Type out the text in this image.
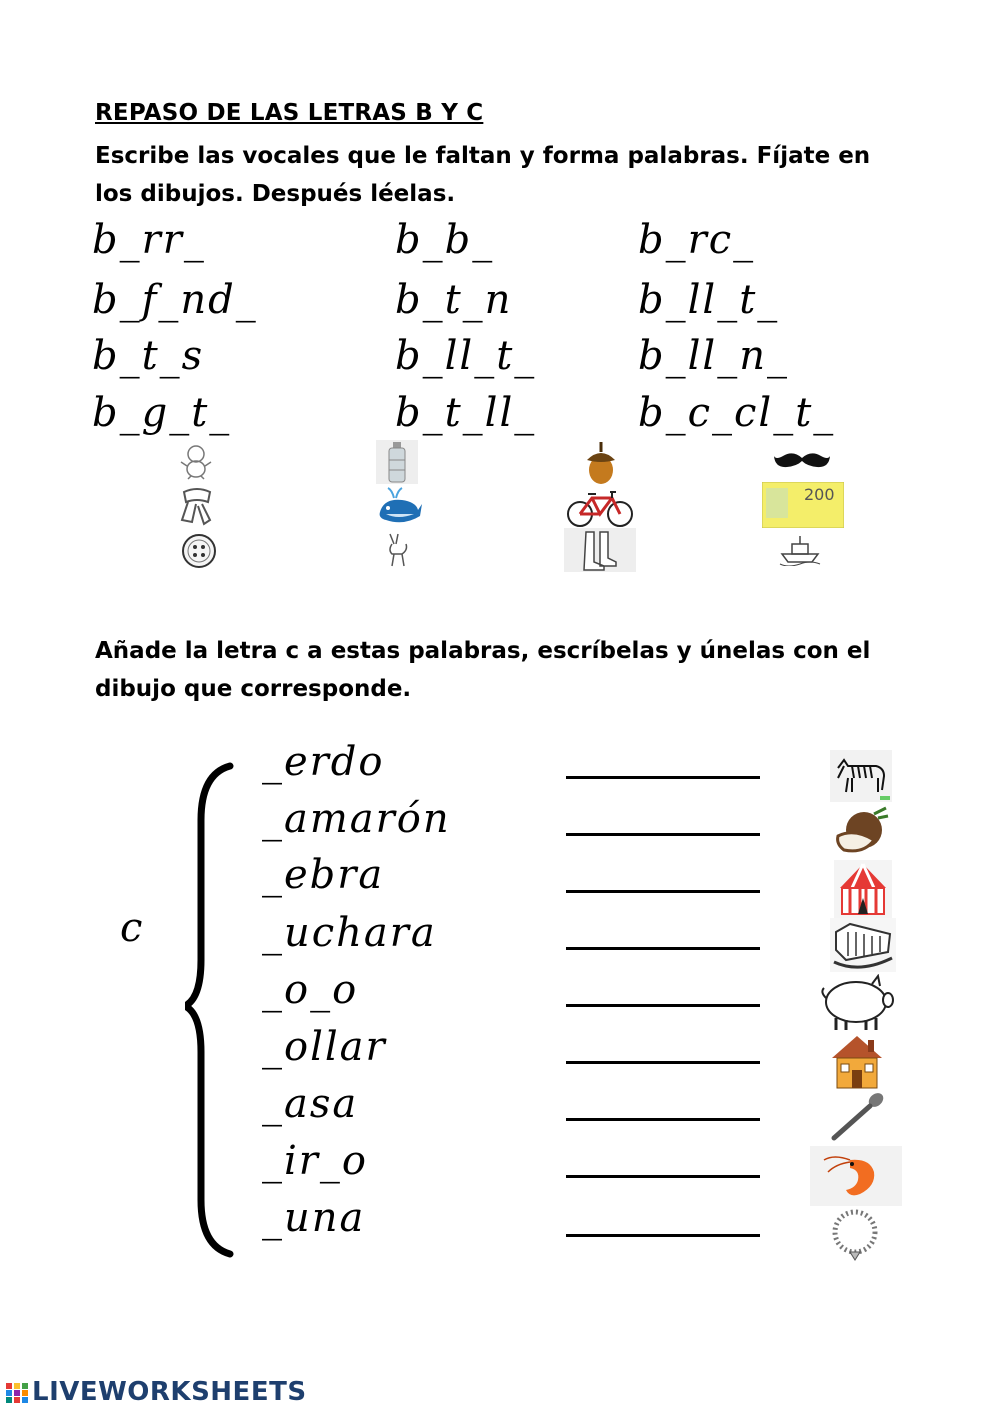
REPASO DE LAS LETRAS B Y C
Escribe las vocales que le faltan y forma palabras. Fíjate en los dibujos. Después léelas.
b_rr_	b_b_	b_rc_
b_f_nd_	b_t_n	b_ll_t_
b_t_s	b_ll_t_	b_ll_n_
b_g_t_	b_t_ll_	b_c_cl_t_
200
Añade la letra c a estas palabras, escríbelas y únelas con el dibujo que corresponde.
c
_erdo
_amarón
_ebra
_uchara
_o_o
_ollar
_asa
_ir_o
_una
LIVEWORKSHEETS
